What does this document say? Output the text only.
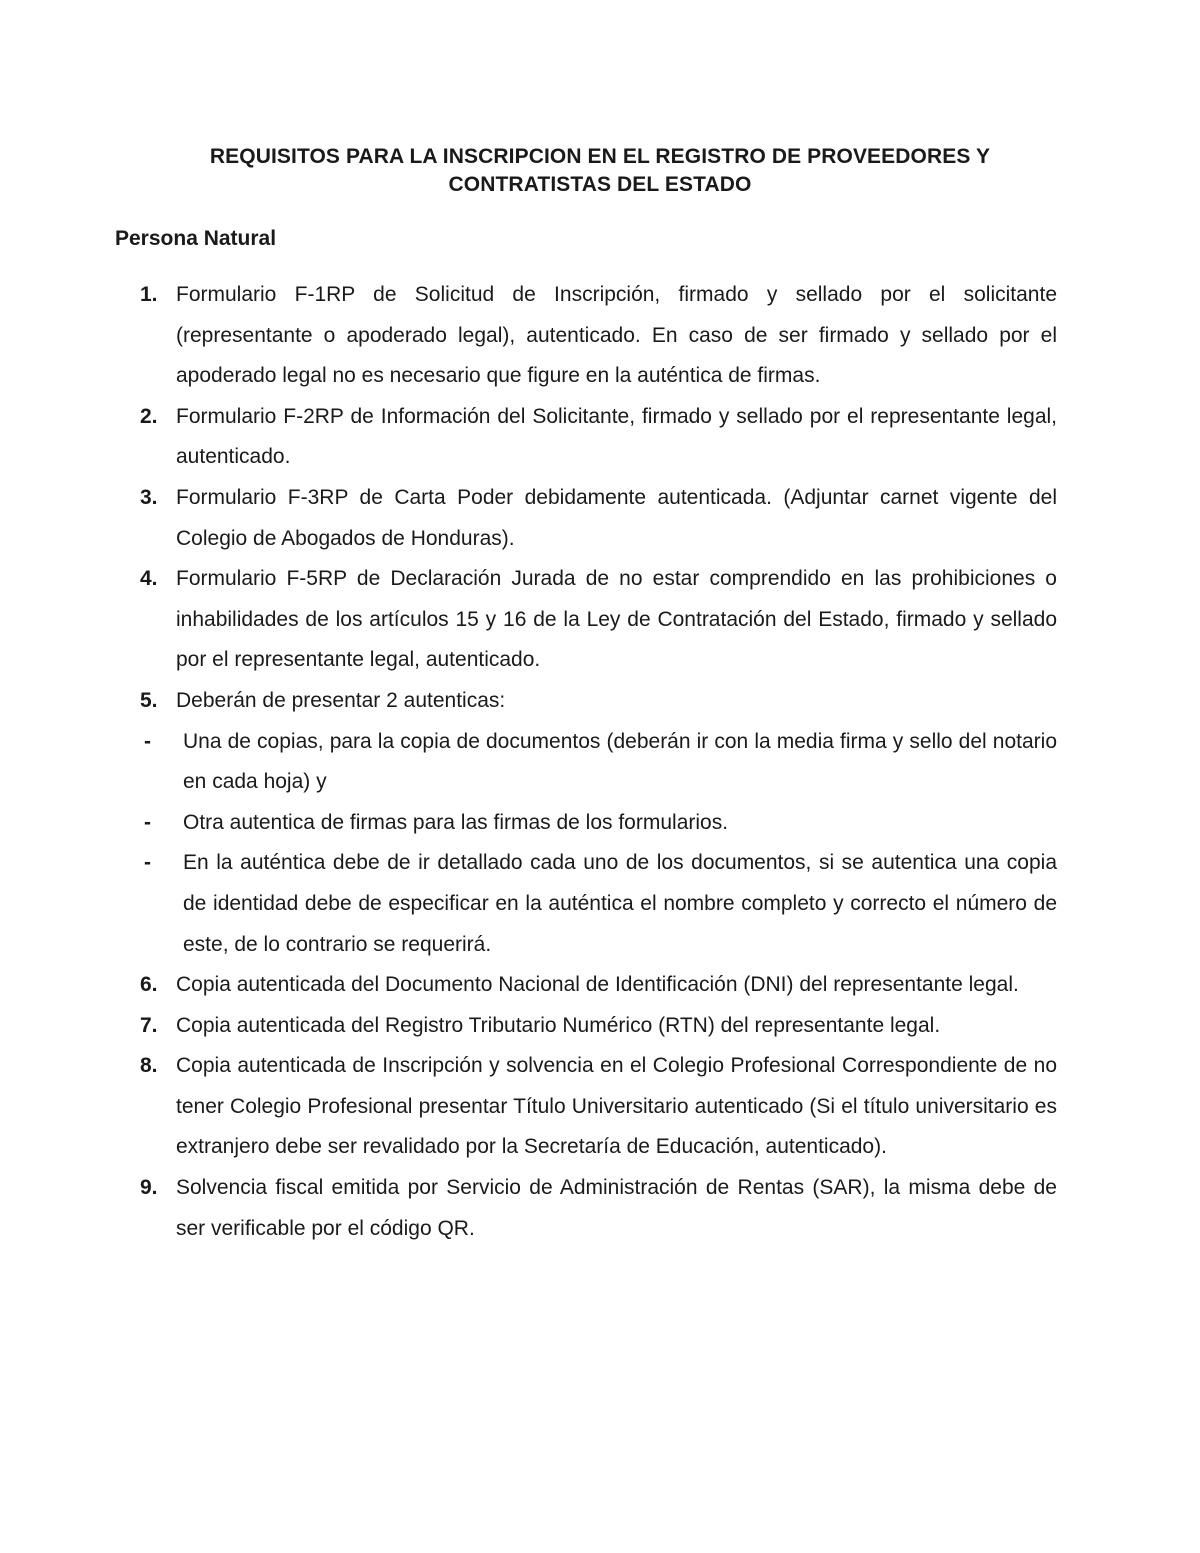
REQUISITOS PARA LA INSCRIPCION EN EL REGISTRO DE PROVEEDORES Y
CONTRATISTAS DEL ESTADO
Persona Natural
1. Formulario F-1RP de Solicitud de Inscripción, firmado y sellado por el solicitante (representante o apoderado legal), autenticado. En caso de ser firmado y sellado por el apoderado legal no es necesario que figure en la auténtica de firmas.
2. Formulario F-2RP de Información del Solicitante, firmado y sellado por el representante legal, autenticado.
3. Formulario F-3RP de Carta Poder debidamente autenticada. (Adjuntar carnet vigente del Colegio de Abogados de Honduras).
4. Formulario F-5RP de Declaración Jurada de no estar comprendido en las prohibiciones o inhabilidades de los artículos 15 y 16 de la Ley de Contratación del Estado, firmado y sellado por el representante legal, autenticado.
5. Deberán de presentar 2 autenticas:
- Una de copias, para la copia de documentos (deberán ir con la media firma y sello del notario en cada hoja) y
- Otra autentica de firmas para las firmas de los formularios.
- En la auténtica debe de ir detallado cada uno de los documentos, si se autentica una copia de identidad debe de especificar en la auténtica el nombre completo y correcto el número de este, de lo contrario se requerirá.
6. Copia autenticada del Documento Nacional de Identificación (DNI) del representante legal.
7. Copia autenticada del Registro Tributario Numérico (RTN) del representante legal.
8. Copia autenticada de Inscripción y solvencia en el Colegio Profesional Correspondiente de no tener Colegio Profesional presentar Título Universitario autenticado (Si el título universitario es extranjero debe ser revalidado por la Secretaría de Educación, autenticado).
9. Solvencia fiscal emitida por Servicio de Administración de Rentas (SAR), la misma debe de ser verificable por el código QR.
